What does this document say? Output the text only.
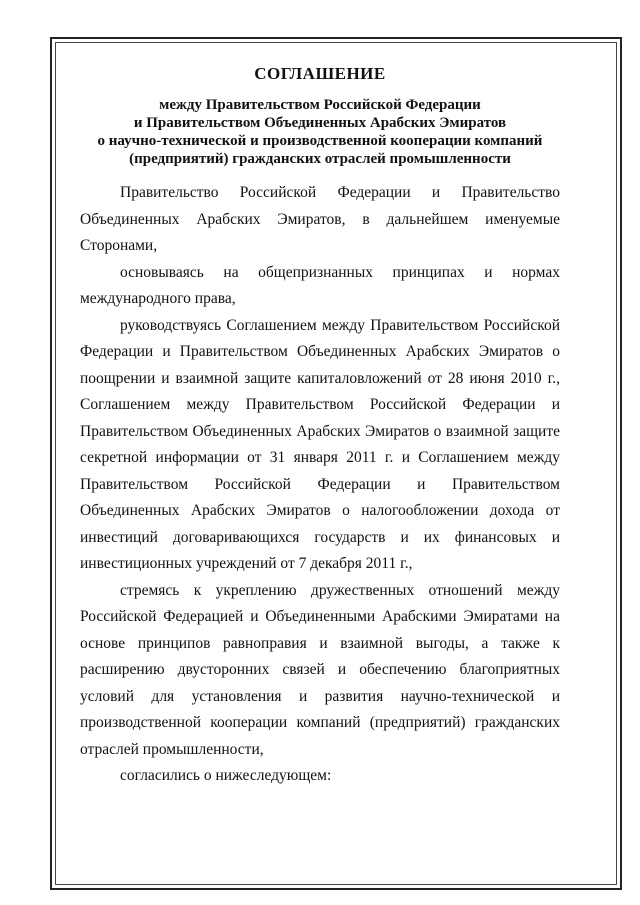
СОГЛАШЕНИЕ
между Правительством Российской Федерации
и Правительством Объединенных Арабских Эмиратов
о научно-технической и производственной кооперации компаний
(предприятий) гражданских отраслей промышленности

Правительство Российской Федерации и Правительство Объединенных Арабских Эмиратов, в дальнейшем именуемые Сторонами,

основываясь на общепризнанных принципах и нормах международного права,

руководствуясь Соглашением между Правительством Российской Федерации и Правительством Объединенных Арабских Эмиратов о поощрении и взаимной защите капиталовложений от 28 июня 2010 г., Соглашением между Правительством Российской Федерации и Правительством Объединенных Арабских Эмиратов о взаимной защите секретной информации от 31 января 2011 г. и Соглашением между Правительством Российской Федерации и Правительством Объединенных Арабских Эмиратов о налогообложении дохода от инвестиций договаривающихся государств и их финансовых и инвестиционных учреждений от 7 декабря 2011 г.,

стремясь к укреплению дружественных отношений между Российской Федерацией и Объединенными Арабскими Эмиратами на основе принципов равноправия и взаимной выгоды, а также к расширению двусторонних связей и обеспечению благоприятных условий для установления и развития научно-технической и производственной кооперации компаний (предприятий) гражданских отраслей промышленности,

согласились о нижеследующем:
